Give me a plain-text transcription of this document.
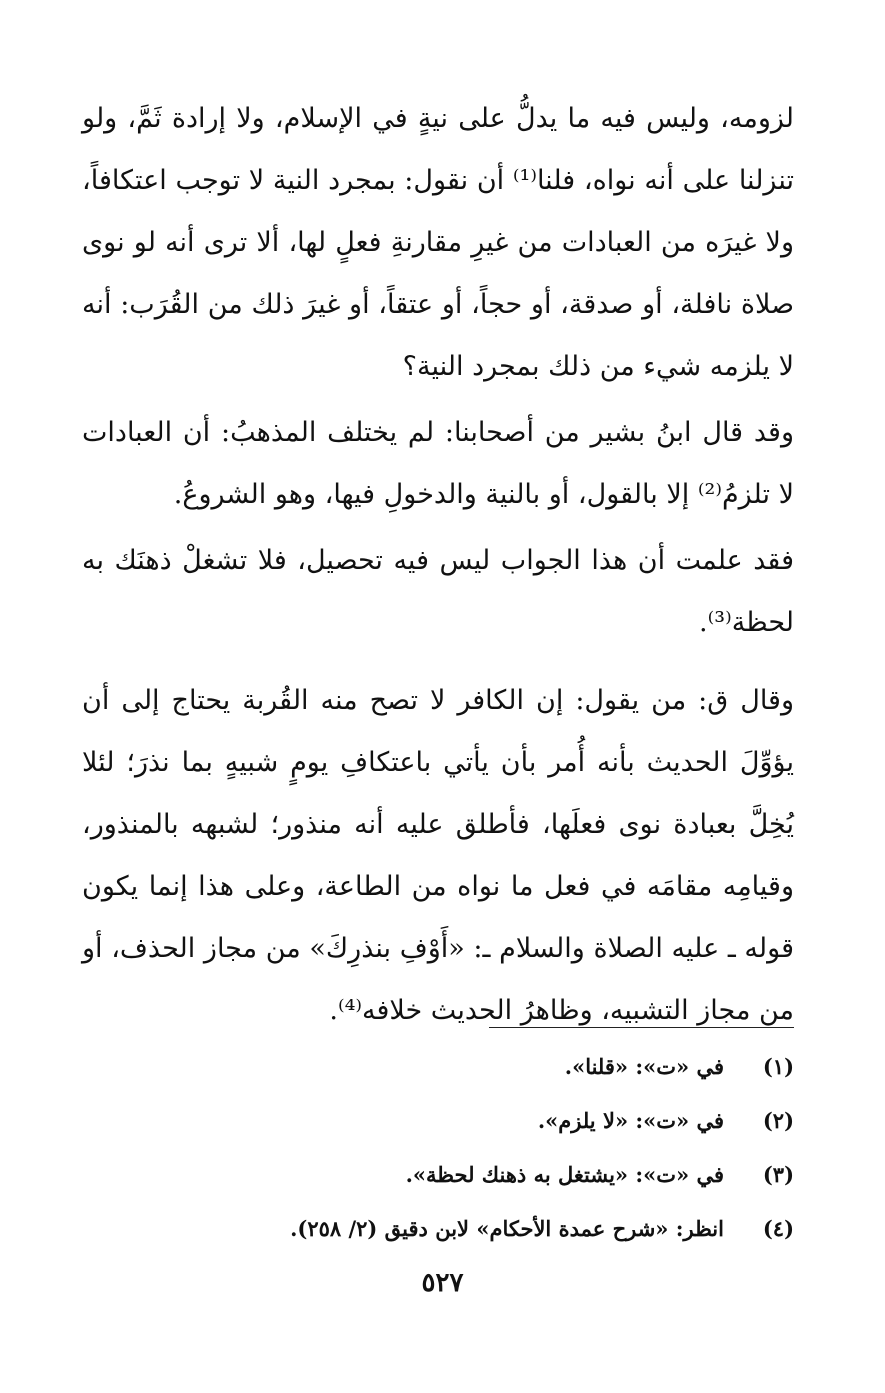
لزومه، وليس فيه ما يدلُّ على نيةٍ في الإسلام، ولا إرادة ثَمَّ، ولو تنزلنا على أنه نواه، فلنا⁽¹⁾ أن نقول: بمجرد النية لا توجب اعتكافاً، ولا غيرَه من العبادات من غيرِ مقارنةِ فعلٍ لها، ألا ترى أنه لو نوى صلاة نافلة، أو صدقة، أو حجاً، أو عتقاً، أو غيرَ ذلك من القُرَب: أنه لا يلزمه شيء من ذلك بمجرد النية؟

وقد قال ابنُ بشير من أصحابنا: لم يختلف المذهبُ: أن العبادات لا تلزمُ⁽²⁾ إلا بالقول، أو بالنية والدخولِ فيها، وهو الشروعُ.

فقد علمت أن هذا الجواب ليس فيه تحصيل، فلا تشغلْ ذهنَك به لحظة⁽³⁾.

وقال ق: من يقول: إن الكافر لا تصح منه القُربة يحتاج إلى أن يؤوِّلَ الحديث بأنه أُمر بأن يأتي باعتكافِ يومٍ شبيهٍ بما نذرَ؛ لئلا يُخِلَّ بعبادة نوى فعلَها، فأطلق عليه أنه منذور؛ لشبهه بالمنذور، وقيامِه مقامَه في فعل ما نواه من الطاعة، وعلى هذا إنما يكون قوله ـ عليه الصلاة والسلام ـ: «أَوْفِ بنذرِكَ» من مجاز الحذف، أو من مجاز التشبيه، وظاهرُ الحديث خلافه⁽⁴⁾.

(١)
في «ت»: «قلنا».
(٢)
في «ت»: «لا يلزم».
(٣)
في «ت»: «يشتغل به ذهنك لحظة».
(٤)
انظر: «شرح عمدة الأحكام» لابن دقيق (٢/ ٢٥٨).
٥٢٧
